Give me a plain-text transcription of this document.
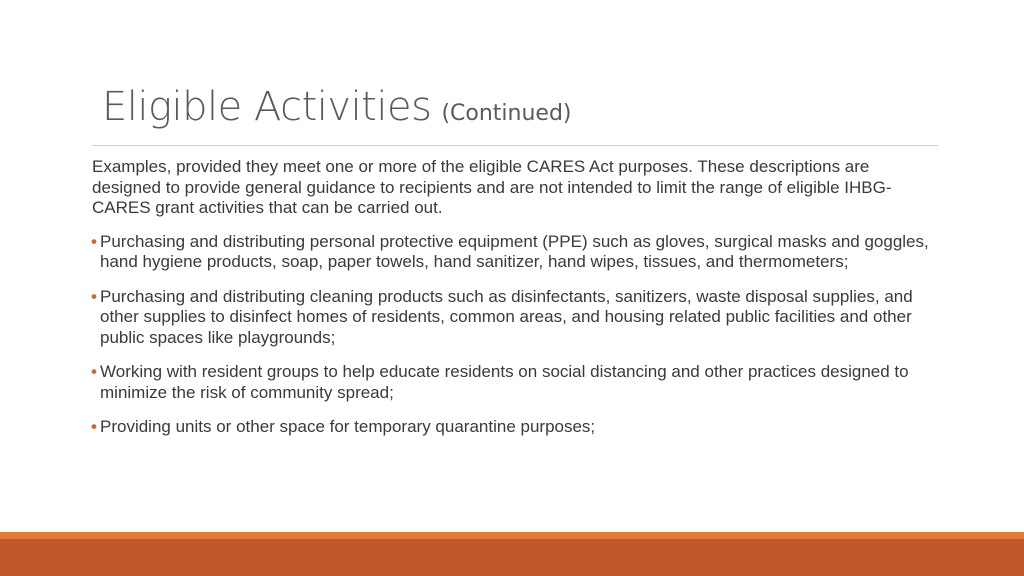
Eligible Activities (Continued)

Examples, provided they meet one or more of the eligible CARES Act purposes. These descriptions are designed to provide general guidance to recipients and are not intended to limit the range of eligible IHBG-CARES grant activities that can be carried out.

• Purchasing and distributing personal protective equipment (PPE) such as gloves, surgical masks and goggles, hand hygiene products, soap, paper towels, hand sanitizer, hand wipes, tissues, and thermometers;
• Purchasing and distributing cleaning products such as disinfectants, sanitizers, waste disposal supplies, and other supplies to disinfect homes of residents, common areas, and housing related public facilities and other public spaces like playgrounds;
• Working with resident groups to help educate residents on social distancing and other practices designed to minimize the risk of community spread;
• Providing units or other space for temporary quarantine purposes;
